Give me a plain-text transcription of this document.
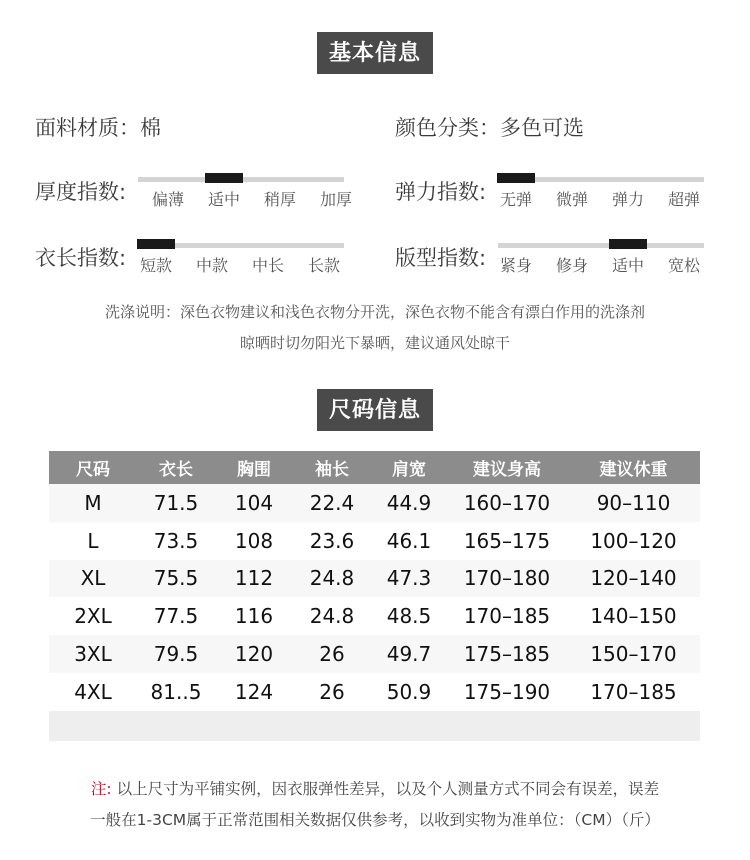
基本信息
面料材质：棉	颜色分类：多色可选
厚度指数:	偏薄	适中	稍厚	加厚	弹力指数: 无弹	微弹	弹力	超弹
衣长指数: 短款	中款	中长	长款	版型指数: 紧身	修身	适中	宽松
洗涤说明：深色衣物建议和浅色衣物分开洗，深色衣物不能含有漂白作用的洗涤剂
晾晒时切勿阳光下暴晒，建议通风处晾干
尺码信息
尺码	衣长	胸围	袖长	肩宽	建议身高	建议休重
M	71.5	104	22.4	44.9	160–170	90–110
L	73.5	108	23.6	46.1	165–175	100–120
XL	75.5	112	24.8	47.3	170–180	120–140
2XL	77.5	116	24.8	48.5	170–185	140–150
3XL	79.5	120	26	49.7	175–185	150–170
4XL	81..5	124	26	50.9	175–190	170–185

注: 以上尺寸为平铺实例，因衣服弹性差异，以及个人测量方式不同会有误差，误差
一般在1-3CM属于正常范围相关数据仅供参考，以收到实物为准单位：（CM）（斤）
